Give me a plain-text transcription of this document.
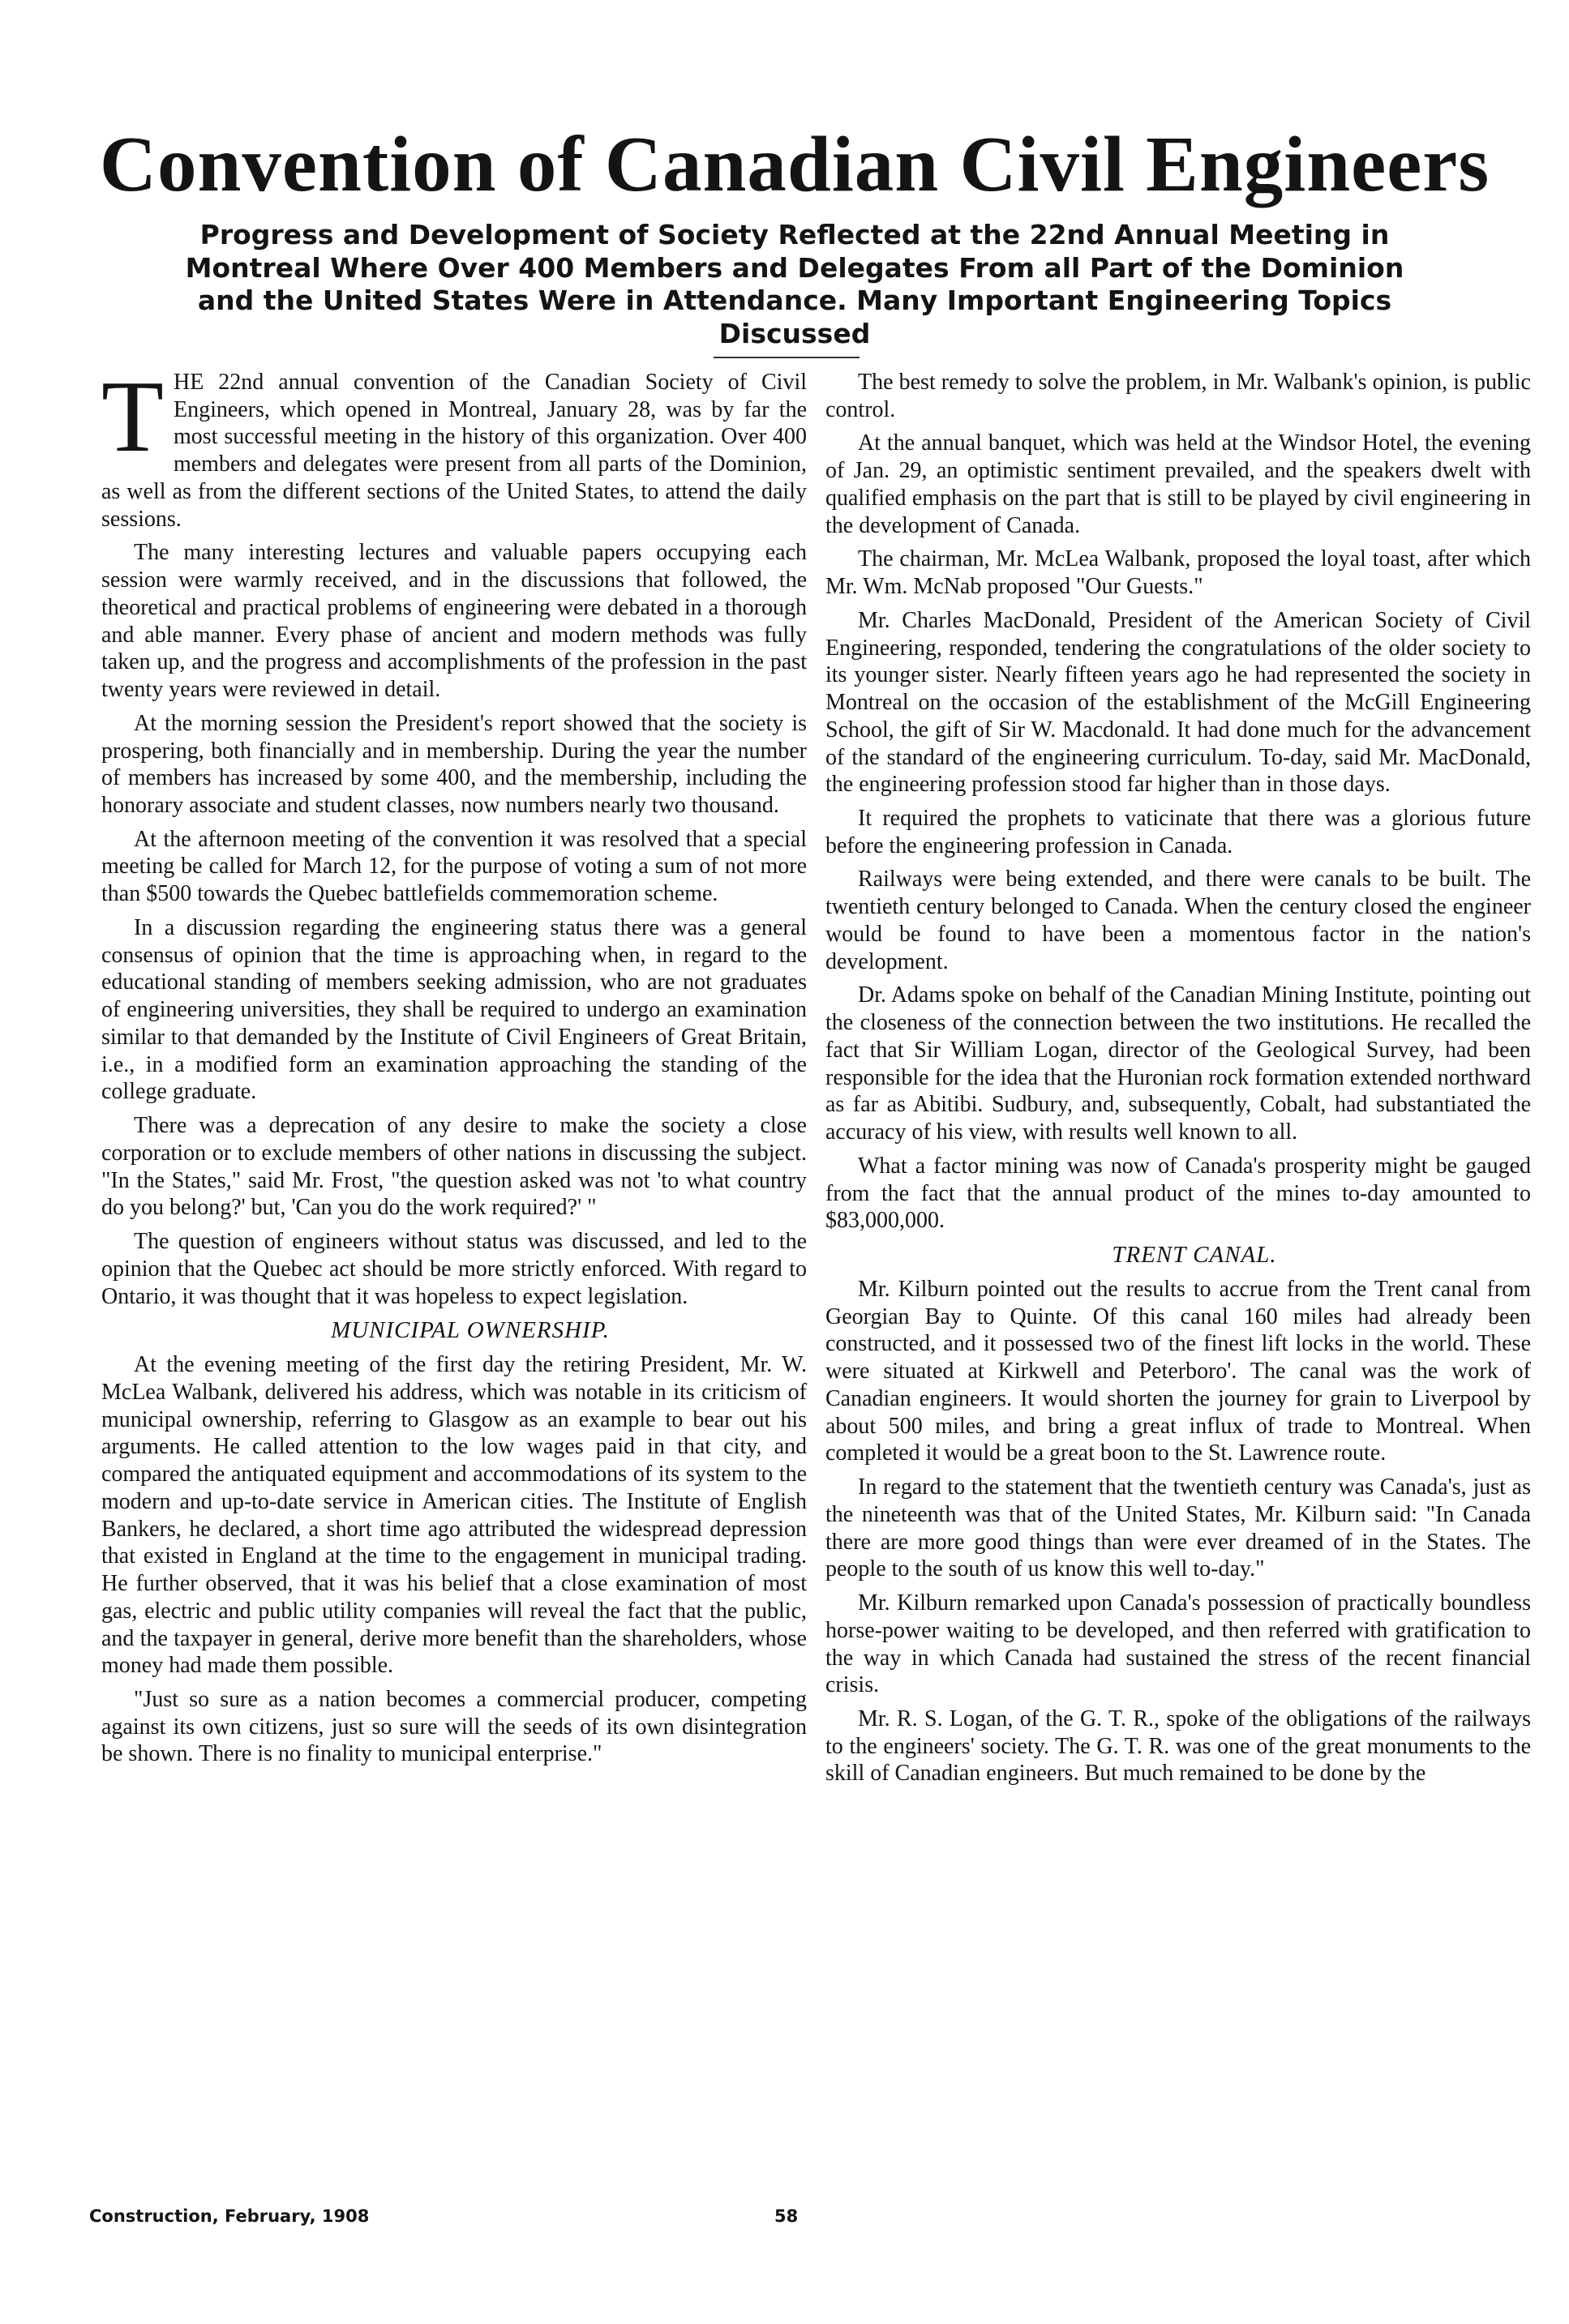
Convention of Canadian Civil Engineers

Progress and Development of Society Reflected at the 22nd Annual Meeting in Montreal Where Over 400 Members and Delegates From all Part of the Dominion and the United States Were in Attendance. Many Important Engineering Topics Discussed

THE 22nd annual convention of the Canadian Society of Civil Engineers, which opened in Montreal, January 28, was by far the most successful meeting in the history of this organization. Over 400 members and delegates were present from all parts of the Dominion, as well as from the different sections of the United States, to attend the daily sessions.

The many interesting lectures and valuable papers occupying each session were warmly received, and in the discussions that followed, the theoretical and practical problems of engineering were debated in a thorough and able manner. Every phase of ancient and modern methods was fully taken up, and the progress and accomplishments of the profession in the past twenty years were reviewed in detail.

At the morning session the President's report showed that the society is prospering, both financially and in membership. During the year the number of members has increased by some 400, and the membership, including the honorary associate and student classes, now numbers nearly two thousand.

At the afternoon meeting of the convention it was resolved that a special meeting be called for March 12, for the purpose of voting a sum of not more than $500 towards the Quebec battlefields commemoration scheme.

In a discussion regarding the engineering status there was a general consensus of opinion that the time is approaching when, in regard to the educational standing of members seeking admission, who are not graduates of engineering universities, they shall be required to undergo an examination similar to that demanded by the Institute of Civil Engineers of Great Britain, i.e., in a modified form an examination approaching the standing of the college graduate.

There was a deprecation of any desire to make the society a close corporation or to exclude members of other nations in discussing the subject. "In the States," said Mr. Frost, "the question asked was not 'to what country do you belong?' but, 'Can you do the work required?' "

The question of engineers without status was discussed, and led to the opinion that the Quebec act should be more strictly enforced. With regard to Ontario, it was thought that it was hopeless to expect legislation.

MUNICIPAL OWNERSHIP.

At the evening meeting of the first day the retiring President, Mr. W. McLea Walbank, delivered his address, which was notable in its criticism of municipal ownership, referring to Glasgow as an example to bear out his arguments. He called attention to the low wages paid in that city, and compared the antiquated equipment and accommodations of its system to the modern and up-to-date service in American cities. The Institute of English Bankers, he declared, a short time ago attributed the widespread depression that existed in England at the time to the engagement in municipal trading. He further observed, that it was his belief that a close examination of most gas, electric and public utility companies will reveal the fact that the public, and the taxpayer in general, derive more benefit than the shareholders, whose money had made them possible.

"Just so sure as a nation becomes a commercial producer, competing against its own citizens, just so sure will the seeds of its own disintegration be shown. There is no finality to municipal enterprise."

The best remedy to solve the problem, in Mr. Walbank's opinion, is public control.

At the annual banquet, which was held at the Windsor Hotel, the evening of Jan. 29, an optimistic sentiment prevailed, and the speakers dwelt with qualified emphasis on the part that is still to be played by civil engineering in the development of Canada.

The chairman, Mr. McLea Walbank, proposed the loyal toast, after which Mr. Wm. McNab proposed "Our Guests."

Mr. Charles MacDonald, President of the American Society of Civil Engineering, responded, tendering the congratulations of the older society to its younger sister. Nearly fifteen years ago he had represented the society in Montreal on the occasion of the establishment of the McGill Engineering School, the gift of Sir W. Macdonald. It had done much for the advancement of the standard of the engineering curriculum. To-day, said Mr. MacDonald, the engineering profession stood far higher than in those days.

It required the prophets to vaticinate that there was a glorious future before the engineering profession in Canada.

Railways were being extended, and there were canals to be built. The twentieth century belonged to Canada. When the century closed the engineer would be found to have been a momentous factor in the nation's development.

Dr. Adams spoke on behalf of the Canadian Mining Institute, pointing out the closeness of the connection between the two institutions. He recalled the fact that Sir William Logan, director of the Geological Survey, had been responsible for the idea that the Huronian rock formation extended northward as far as Abitibi. Sudbury, and, subsequently, Cobalt, had substantiated the accuracy of his view, with results well known to all.

What a factor mining was now of Canada's prosperity might be gauged from the fact that the annual product of the mines to-day amounted to $83,000,000.

TRENT CANAL.

Mr. Kilburn pointed out the results to accrue from the Trent canal from Georgian Bay to Quinte. Of this canal 160 miles had already been constructed, and it possessed two of the finest lift locks in the world. These were situated at Kirkwell and Peterboro'. The canal was the work of Canadian engineers. It would shorten the journey for grain to Liverpool by about 500 miles, and bring a great influx of trade to Montreal. When completed it would be a great boon to the St. Lawrence route.

In regard to the statement that the twentieth century was Canada's, just as the nineteenth was that of the United States, Mr. Kilburn said: "In Canada there are more good things than were ever dreamed of in the States. The people to the south of us know this well to-day."

Mr. Kilburn remarked upon Canada's possession of practically boundless horse-power waiting to be developed, and then referred with gratification to the way in which Canada had sustained the stress of the recent financial crisis.

Mr. R. S. Logan, of the G. T. R., spoke of the obligations of the railways to the engineers' society. The G. T. R. was one of the great monuments to the skill of Canadian engineers. But much remained to be done by the

Construction, February, 1908	58
